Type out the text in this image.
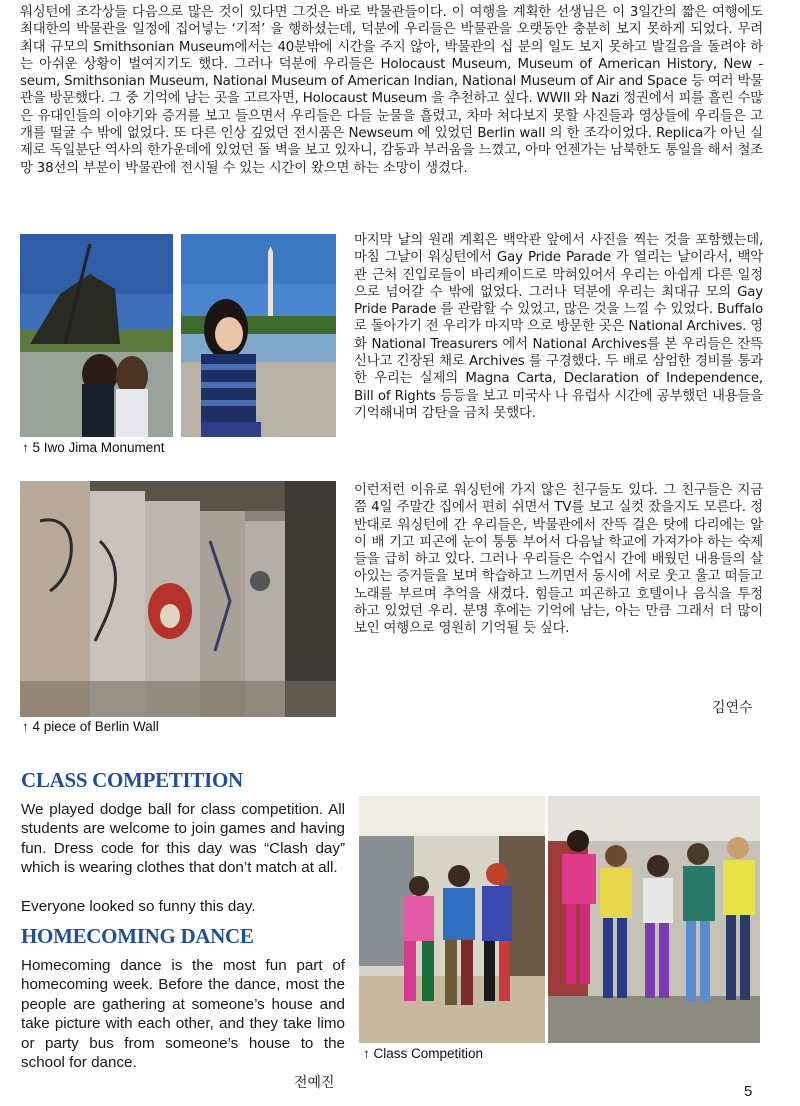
워싱턴에 조각상들 다음으로 많은 것이 있다면 그것은 바로 박물관들이다. 이 여행을 계획한 선생님은 이 3일간의 짧은 여행에도 최대한의 박물관을 일정에 집어넣는 ‘기적’ 을 행하셨는데, 덕분에 우리들은 박물관을 오랫동안 충분히 보지 못하게 되었다. 무려 최대 규모의 Smithsonian Museum에서는 40분밖에 시간을 주지 않아, 박물관의 십 분의 일도 보지 못하고 발걸음을 돌려야 하는 아쉬운 상황이 벌여지기도 했다. 그러나 덕분에 우리들은 Holocaust Museum, Museum of American History, New -seum, Smithsonian Museum, National Museum of American Indian, National Museum of Air and Space 등 여러 박물관을 방문했다. 그 중 기억에 남는 곳을 고르자면, Holocaust Museum 을 추천하고 싶다. WWII 와 Nazi 정권에서 피를 흘린 수많은 유대인들의 이야기와 증거를 보고 들으면서 우리들은 다들 눈물을 흘렸고, 차마 쳐다보지 못할 사진들과 영상들에 우리들은 고개를 떨굴 수 밖에 없었다. 또 다른 인상 깊었던 전시품은 Newseum 에 있었던 Berlin wall 의 한 조각이었다. Replica가 아닌 실제로 독일분단 역사의 한가운데에 있었던 돌 벽을 보고 있자니, 감동과 부러움을 느꼈고, 아마 언젠가는 남북한도 통일을 해서 철조망 38선의 부분이 박물관에 전시될 수 있는 시간이 왔으면 하는 소망이 생겼다.

↑ 5 Iwo Jima Monument

마지막 날의 원래 계획은 백악관 앞에서 사진을 찍는 것을 포함했는데, 마침 그날이 워싱턴에서 Gay Pride Parade 가 열리는 날이라서, 백악관 근처 진입로들이 바리케이드로 막혀있어서 우리는 아쉽게 다른 일정으로 넘어갈 수 밖에 없었다. 그러나 덕분에 우리는 최대규 모의 Gay Pride Parade 를 관람할 수 있었고, 많은 것을 느낄 수 있었다. Buffalo로 돌아가기 전 우리가 마지막 으로 방문한 곳은 National Archives. 영화 National Treasurers 에서 National Archives를 본 우리들은 잔뜩 신나고 긴장된 채로 Archives 를 구경했다. 두 배로 삼엄한 경비를 통과한 우리는 실제의 Magna Carta, Declaration of Independence, Bill of Rights 등등을 보고 미국사 나 유럽사 시간에 공부했던 내용들을 기억해내며 감탄을 금치 못했다.

↑ 4 piece of Berlin Wall

이런저런 이유로 워싱턴에 가지 않은 친구들도 있다. 그 친구들은 지금쯤 4일 주말간 집에서 편히 쉬면서 TV를 보고 실컷 잤을지도 모른다. 정반대로 워싱턴에 간 우리들은, 박물관에서 잔뜩 걸은 탓에 다리에는 알이 배 기고 피곤에 눈이 퉁퉁 부어서 다음날 학교에 가져가야 하는 숙제들을 급히 하고 있다. 그러나 우리들은 수업시 간에 배웠던 내용들의 살아있는 증거들을 보며 학습하고 느끼면서 동시에 서로 웃고 울고 떠들고 노래를 부르며 추억을 새겼다. 힘들고 피곤하고 호텔이나 음식을 투정 하고 있었던 우리. 분명 후에는 기억에 남는, 아는 만큼 그래서 더 많이 보인 여행으로 영원히 기억될 듯 싶다.

김연수
CLASS COMPETITION

We played dodge ball for class competition. All students are welcome to join games and having fun. Dress code for this day was “Clash day” which is wearing clothes that don’t match at all.

Everyone looked so funny this day.

HOMECOMING DANCE

Homecoming dance is the most fun part of homecoming week. Before the dance, most the people are gathering at someone’s house and take picture with each other, and they take limo or party bus from someone’s house to the school for dance.

↑ Class Competition
전예진	5
